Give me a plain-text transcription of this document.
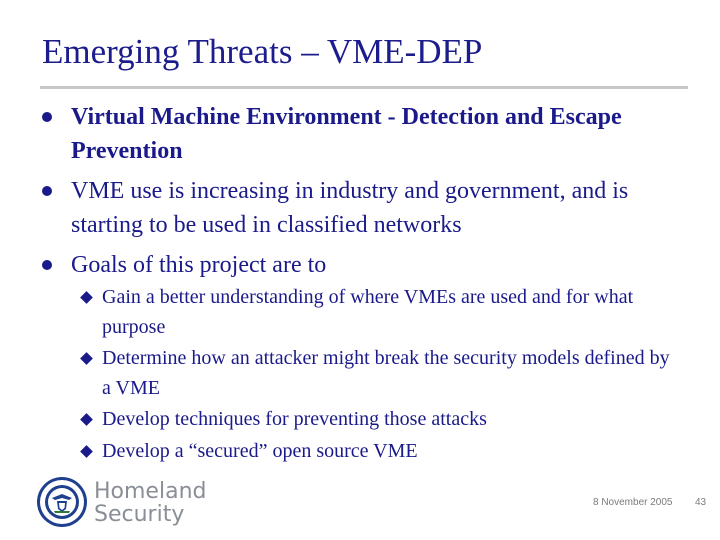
Emerging Threats – VME-DEP
Virtual Machine Environment - Detection and Escape Prevention
VME use is increasing in industry and government, and is starting to be used in classified networks
Goals of this project are to
Gain a better understanding of where VMEs are used and for what purpose
Determine how an attacker might break the security models defined by a VME
Develop techniques for preventing those attacks
Develop a “secured” open source VME
Homeland
Security	8 November 2005 43
